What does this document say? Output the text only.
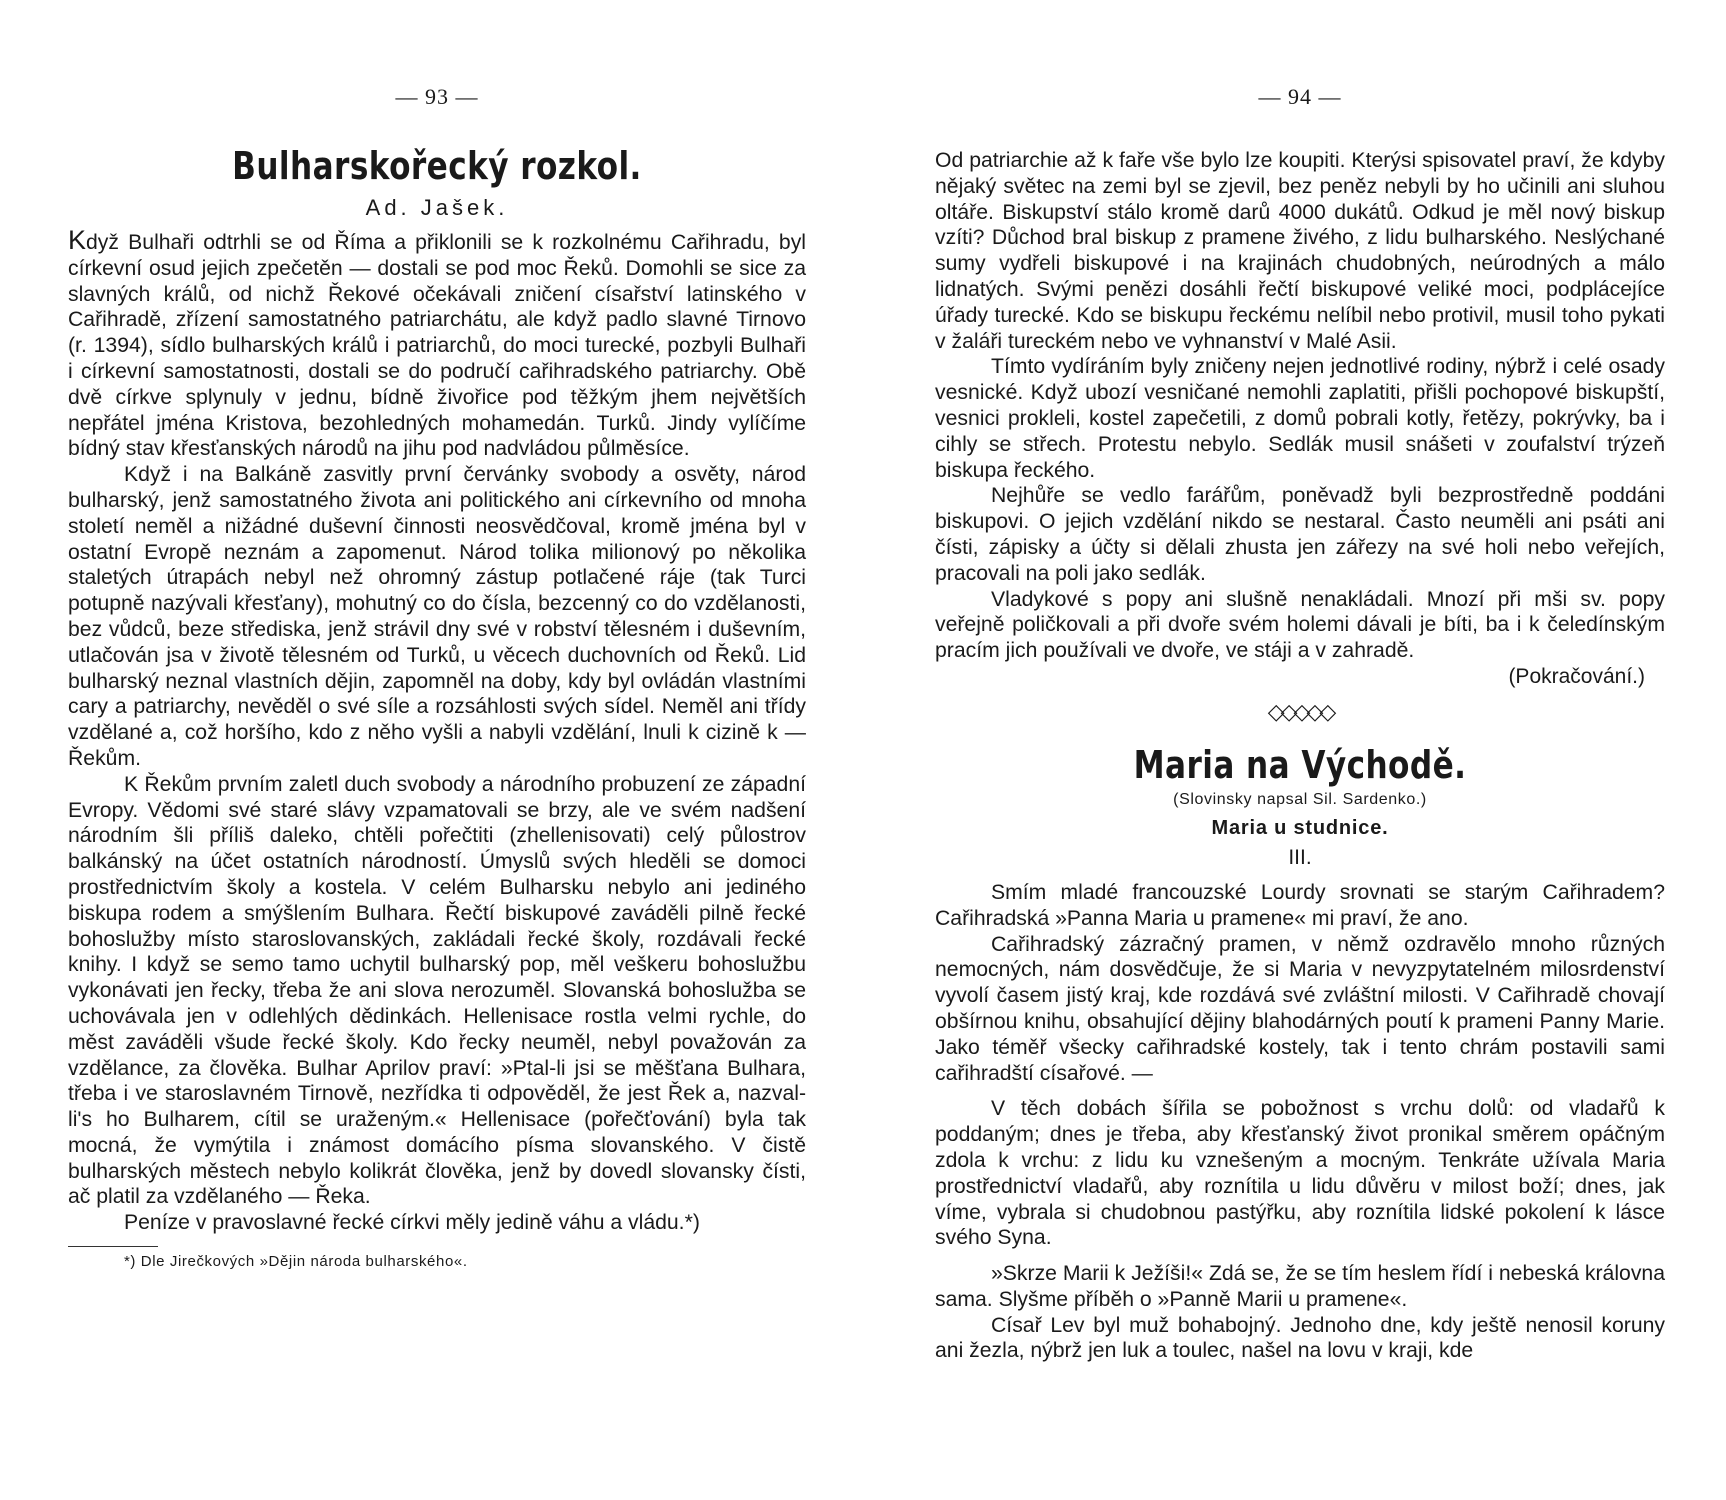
— 93 —
Bulharskořecký rozkol.
Ad. Jašek.

Když Bulhaři odtrhli se od Říma a přiklonili se k rozkolnému Cařihradu, byl církevní osud jejich zpečetěn — dostali se pod moc Řeků. Domohli se sice za slavných králů, od nichž Řekové očekávali zničení císařství latinského v Cařihradě, zřízení samostatného patriarchátu, ale když padlo slavné Tirnovo (r. 1394), sídlo bulharských králů i patriarchů, do moci turecké, pozbyli Bulhaři i církevní samostatnosti, dostali se do područí cařihradského patriarchy. Obě dvě církve splynuly v jednu, bídně živořice pod těžkým jhem největších nepřátel jména Kristova, bezohledných mohamedán. Turků. Jindy vylíčíme bídný stav křesťanských národů na jihu pod nadvládou půlměsíce.

Když i na Balkáně zasvitly první červánky svobody a osvěty, národ bulharský, jenž samostatného života ani politického ani církevního od mnoha století neměl a nižádné duševní činnosti neosvědčoval, kromě jména byl v ostatní Evropě neznám a zapomenut. Národ tolika milionový po několika staletých útrapách nebyl než ohromný zástup potlačené ráje (tak Turci potupně nazývali křesťany), mohutný co do čísla, bezcenný co do vzdělanosti, bez vůdců, beze střediska, jenž strávil dny své v robství tělesném i duševním, utlačován jsa v životě tělesném od Turků, u věcech duchovních od Řeků. Lid bulharský neznal vlastních dějin, zapomněl na doby, kdy byl ovládán vlastními cary a patriarchy, nevěděl o své síle a rozsáhlosti svých sídel. Neměl ani třídy vzdělané a, což horšího, kdo z něho vyšli a nabyli vzdělání, lnuli k cizině k — Řekům.

K Řekům prvním zaletl duch svobody a národního probuzení ze západní Evropy. Vědomi své staré slávy vzpamatovali se brzy, ale ve svém nadšení národním šli příliš daleko, chtěli pořečtiti (zhellenisovati) celý půlostrov balkánský na účet ostatních národností. Úmyslů svých hleděli se domoci prostřednictvím školy a kostela. V celém Bulharsku nebylo ani jediného biskupa rodem a smýšlením Bulhara. Řečtí biskupové zaváděli pilně řecké bohoslužby místo staroslovanských, zakládali řecké školy, rozdávali řecké knihy. I když se semo tamo uchytil bulharský pop, měl veškeru bohoslužbu vykonávati jen řecky, třeba že ani slova nerozuměl. Slovanská bohoslužba se uchovávala jen v odlehlých dědinkách. Hellenisace rostla velmi rychle, do měst zaváděli všude řecké školy. Kdo řecky neuměl, nebyl považován za vzdělance, za člověka. Bulhar Aprilov praví: »Ptal-li jsi se měšťana Bulhara, třeba i ve staroslavném Tirnově, nezřídka ti odpověděl, že jest Řek a, nazval-li's ho Bulharem, cítil se uraženým.« Hellenisace (pořečťování) byla tak mocná, že vymýtila i známost domácího písma slovanského. V čistě bulharských městech nebylo kolikrát člověka, jenž by dovedl slovansky čísti, ač platil za vzdělaného — Řeka.

Peníze v pravoslavné řecké církvi měly jedině váhu a vládu.*)

*) Dle Jirečkových »Dějin národa bulharského«.
— 94 —

Od patriarchie až k faře vše bylo lze koupiti. Kterýsi spisovatel praví, že kdyby nějaký světec na zemi byl se zjevil, bez peněz nebyli by ho učinili ani sluhou oltáře. Biskupství stálo kromě darů 4000 dukátů. Odkud je měl nový biskup vzíti? Důchod bral biskup z pramene živého, z lidu bulharského. Neslýchané sumy vydřeli biskupové i na krajinách chudobných, neúrodných a málo lidnatých. Svými penězi dosáhli řečtí biskupové veliké moci, podplácejíce úřady turecké. Kdo se biskupu řeckému nelíbil nebo protivil, musil toho pykati v žaláři tureckém nebo ve vyhnanství v Malé Asii.

Tímto vydíráním byly zničeny nejen jednotlivé rodiny, nýbrž i celé osady vesnické. Když ubozí vesničané nemohli zaplatiti, přišli pochopové biskupští, vesnici prokleli, kostel zapečetili, z domů pobrali kotly, řetězy, pokrývky, ba i cihly se střech. Protestu nebylo. Sedlák musil snášeti v zoufalství trýzeň biskupa řeckého.

Nejhůře se vedlo farářům, poněvadž byli bezprostředně poddáni biskupovi. O jejich vzdělání nikdo se nestaral. Často neuměli ani psáti ani čísti, zápisky a účty si dělali zhusta jen zářezy na své holi nebo veřejích, pracovali na poli jako sedlák.

Vladykové s popy ani slušně nenakládali. Mnozí při mši sv. popy veřejně poličkovali a při dvoře svém holemi dávali je bíti, ba i k čeledínským pracím jich používali ve dvoře, ve stáji a v zahradě.

(Pokračování.)
◇◇◇◇◇
Maria na Východě.
(Slovinsky napsal Sil. Sardenko.)
Maria u studnice.
III.

Smím mladé francouzské Lourdy srovnati se starým Cařihradem? Cařihradská »Panna Maria u pramene« mi praví, že ano.

Cařihradský zázračný pramen, v němž ozdravělo mnoho různých nemocných, nám dosvědčuje, že si Maria v nevyzpytatelném milosrdenství vyvolí časem jistý kraj, kde rozdává své zvláštní milosti. V Cařihradě chovají obšírnou knihu, obsahující dějiny blahodárných poutí k prameni Panny Marie. Jako téměř všecky cařihradské kostely, tak i tento chrám postavili sami cařihradští císařové. —

V těch dobách šířila se pobožnost s vrchu dolů: od vladařů k poddaným; dnes je třeba, aby křesťanský život pronikal směrem opáčným zdola k vrchu: z lidu ku vznešeným a mocným. Tenkráte užívala Maria prostřednictví vladařů, aby roznítila u lidu důvěru v milost boží; dnes, jak víme, vybrala si chudobnou pastýřku, aby roznítila lidské pokolení k lásce svého Syna.

»Skrze Marii k Ježíši!« Zdá se, že se tím heslem řídí i nebeská královna sama. Slyšme příběh o »Panně Marii u pramene«.

Císař Lev byl muž bohabojný. Jednoho dne, kdy ještě nenosil koruny ani žezla, nýbrž jen luk a toulec, našel na lovu v kraji, kde
